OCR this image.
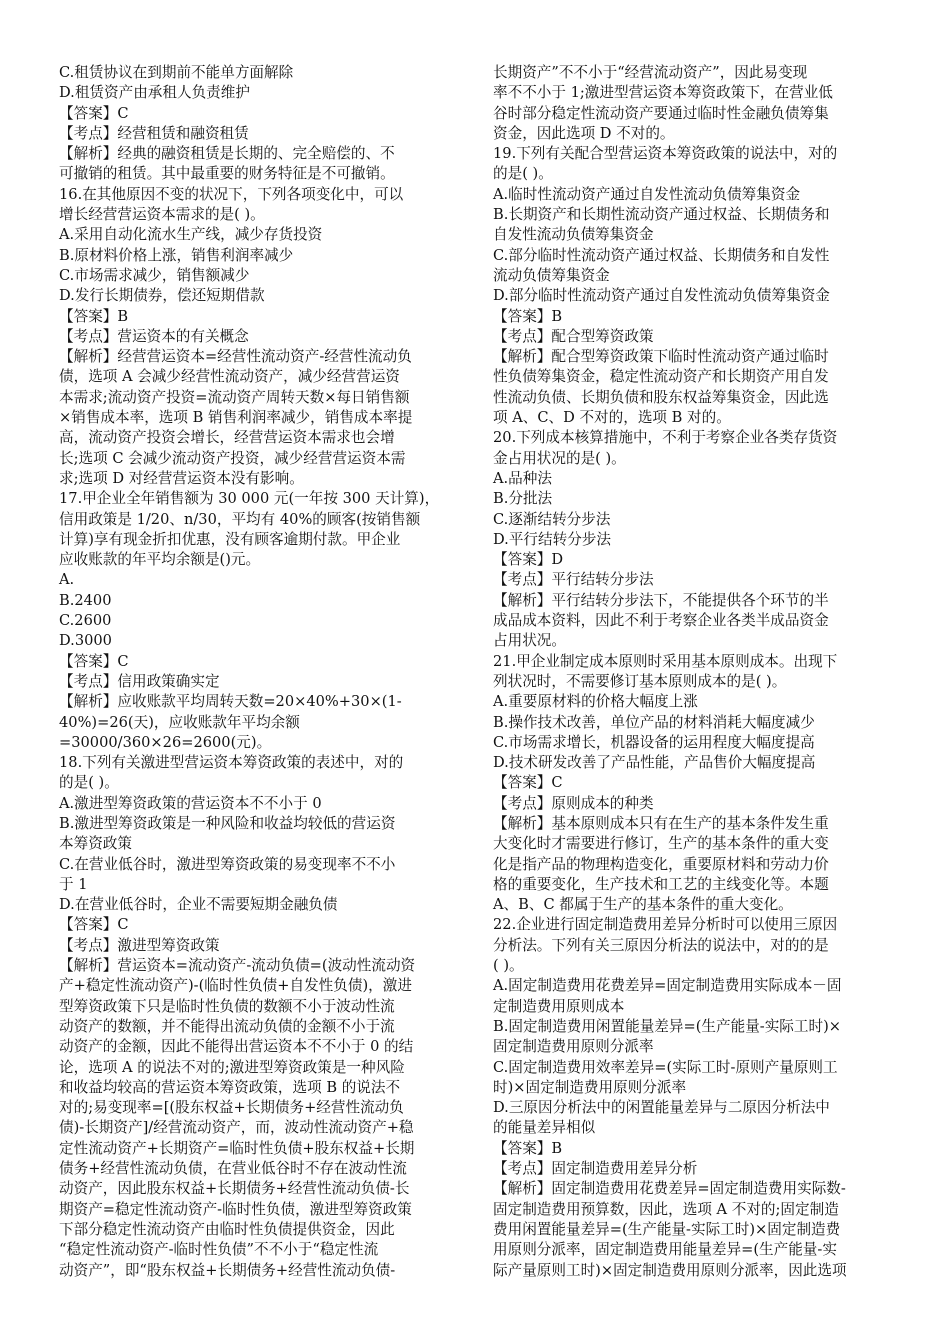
C.租赁协议在到期前不能单方面解除
D.租赁资产由承租人负责维护
【答案】C
【考点】经营租赁和融资租赁
【解析】经典的融资租赁是长期的、完全赔偿的、不
可撤销的租赁。其中最重要的财务特征是不可撤销。
16.在其他原因不变的状况下，下列各项变化中，可以
增长经营营运资本需求的是( )。
A.采用自动化流水生产线，减少存货投资
B.原材料价格上涨，销售利润率减少
C.市场需求减少，销售额减少
D.发行长期债券，偿还短期借款
【答案】B
【考点】营运资本的有关概念
【解析】经营营运资本=经营性流动资产-经营性流动负
债，选项 A 会减少经营性流动资产，减少经营营运资
本需求;流动资产投资=流动资产周转天数×每日销售额
×销售成本率，选项 B 销售利润率减少，销售成本率提
高，流动资产投资会增长，经营营运资本需求也会增
长;选项 C 会减少流动资产投资，减少经营营运资本需
求;选项 D 对经营营运资本没有影响。
17.甲企业全年销售额为 30 000 元(一年按 300 天计算)，
信用政策是 1/20、n/30，平均有 40%的顾客(按销售额
计算)享有现金折扣优惠，没有顾客逾期付款。甲企业
应收账款的年平均余额是()元。
A.
B.2400
C.2600
D.3000
【答案】C
【考点】信用政策确实定
【解析】应收账款平均周转天数=20×40%+30×(1-
40%)=26(天)，应收账款年平均余额
=30000/360×26=2600(元)。
18.下列有关激进型营运资本筹资政策的表述中，对的
的是( )。
A.激进型筹资政策的营运资本不不小于 0
B.激进型筹资政策是一种风险和收益均较低的营运资
本筹资政策
C.在营业低谷时，激进型筹资政策的易变现率不不小
于 1
D.在营业低谷时，企业不需要短期金融负债
【答案】C
【考点】激进型筹资政策
【解析】营运资本=流动资产-流动负债=(波动性流动资
产+稳定性流动资产)-(临时性负债+自发性负债)，激进
型筹资政策下只是临时性负债的数额不小于波动性流
动资产的数额，并不能得出流动负债的金额不小于流
动资产的金额，因此不能得出营运资本不不小于 0 的结
论，选项 A 的说法不对的;激进型筹资政策是一种风险
和收益均较高的营运资本筹资政策，选项 B 的说法不
对的;易变现率=[(股东权益+长期债务+经营性流动负
债)-长期资产]/经营流动资产，而，波动性流动资产+稳
定性流动资产+长期资产=临时性负债+股东权益+长期
债务+经营性流动负债，在营业低谷时不存在波动性流
动资产，因此股东权益+长期债务+经营性流动负债-长
期资产=稳定性流动资产-临时性负债，激进型筹资政策
下部分稳定性流动资产由临时性负债提供资金，因此
“稳定性流动资产-临时性负债”不不小于“稳定性流
动资产”，即“股东权益+长期债务+经营性流动负债-
长期资产”不不小于“经营流动资产”，因此易变现
率不不小于 1;激进型营运资本筹资政策下，在营业低
谷时部分稳定性流动资产要通过临时性金融负债筹集
资金，因此选项 D 不对的。
19.下列有关配合型营运资本筹资政策的说法中，对的
的是( )。
A.临时性流动资产通过自发性流动负债筹集资金
B.长期资产和长期性流动资产通过权益、长期债务和
自发性流动负债筹集资金
C.部分临时性流动资产通过权益、长期债务和自发性
流动负债筹集资金
D.部分临时性流动资产通过自发性流动负债筹集资金
【答案】B
【考点】配合型筹资政策
【解析】配合型筹资政策下临时性流动资产通过临时
性负债筹集资金，稳定性流动资产和长期资产用自发
性流动负债、长期负债和股东权益筹集资金，因此选
项 A、C、D 不对的，选项 B 对的。
20.下列成本核算措施中，不利于考察企业各类存货资
金占用状况的是( )。
A.品种法
B.分批法
C.逐渐结转分步法
D.平行结转分步法
【答案】D
【考点】平行结转分步法
【解析】平行结转分步法下，不能提供各个环节的半
成品成本资料，因此不利于考察企业各类半成品资金
占用状况。
21.甲企业制定成本原则时采用基本原则成本。出现下
列状况时，不需要修订基本原则成本的是( )。
A.重要原材料的价格大幅度上涨
B.操作技术改善，单位产品的材料消耗大幅度减少
C.市场需求增长，机器设备的运用程度大幅度提高
D.技术研发改善了产品性能，产品售价大幅度提高
【答案】C
【考点】原则成本的种类
【解析】基本原则成本只有在生产的基本条件发生重
大变化时才需要进行修订，生产的基本条件的重大变
化是指产品的物理构造变化，重要原材料和劳动力价
格的重要变化，生产技术和工艺的主线变化等。本题
A、B、C 都属于生产的基本条件的重大变化。
22.企业进行固定制造费用差异分析时可以使用三原因
分析法。下列有关三原因分析法的说法中，对的的是
( )。
A.固定制造费用花费差异=固定制造费用实际成本－固
定制造费用原则成本
B.固定制造费用闲置能量差异=(生产能量-实际工时)×
固定制造费用原则分派率
C.固定制造费用效率差异=(实际工时-原则产量原则工
时)×固定制造费用原则分派率
D.三原因分析法中的闲置能量差异与二原因分析法中
的能量差异相似
【答案】B
【考点】固定制造费用差异分析
【解析】固定制造费用花费差异=固定制造费用实际数-
固定制造费用预算数，因此，选项 A 不对的;固定制造
费用闲置能量差异=(生产能量-实际工时)×固定制造费
用原则分派率，固定制造费用能量差异=(生产能量-实
际产量原则工时)×固定制造费用原则分派率，因此选项
